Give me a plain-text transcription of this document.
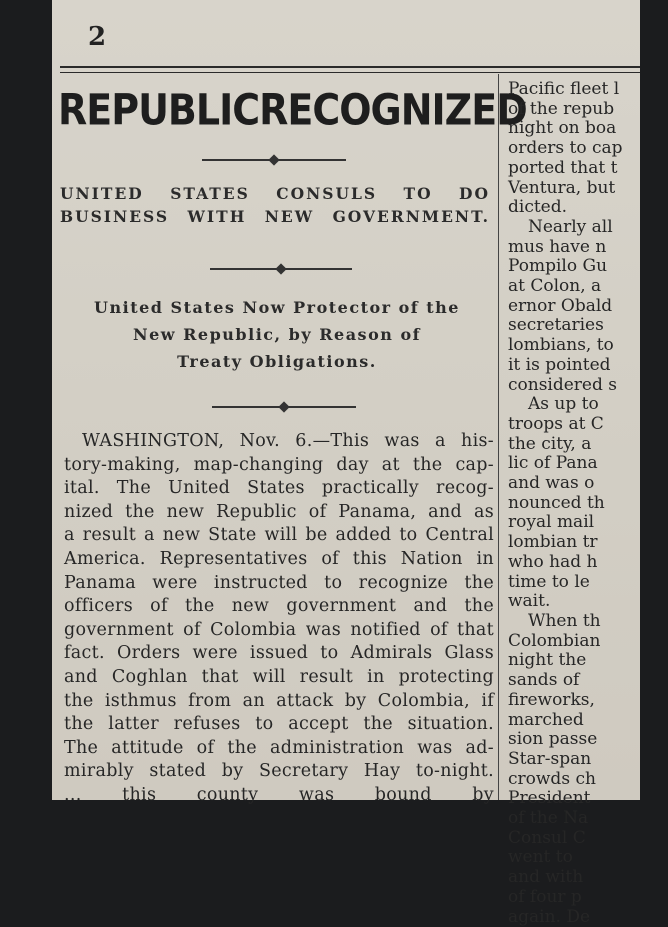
2
REPUBLIC RECOGNIZED
UNITED STATES CONSULS TO DO BUSINESS WITH NEW GOVERNMENT.
United States Now Protector of the
New Republic, by Reason of
Treaty Obligations.
WASHINGTON, Nov. 6.—This was a his-
tory-making, map-changing day at the cap-
ital. The United States practically recog-
nized the new Republic of Panama, and as
a result a new State will be added to Central
America. Representatives of this Nation in
Panama were instructed to recognize the
officers of the new government and the
government of Colombia was notified of that
fact. Orders were issued to Admirals Glass
and Coghlan that will result in protecting
the isthmus from an attack by Colombia, if
the latter refuses to accept the situation.
The attitude of the administration was ad-
mirably stated by Secretary Hay to-night.
... this county was bound by
Pacific fleet l
of the repub
night on boa
orders to cap
ported that t
Ventura, but
dicted.
Nearly all
mus have n
Pompilo Gu
at Colon, a
ernor Obald
secretaries
lombians, to
it is pointed
considered s
As up to
troops at C
the city, a
lic of Pana
and was o
nounced th
royal mail
lombian tr
who had h
time to le
wait.
When th
Colombian
night the
sands of
fireworks,
marched
sion passe
Star-span
crowds ch
President
of the Na
Consul C
went to
and with
of four p
again. De
